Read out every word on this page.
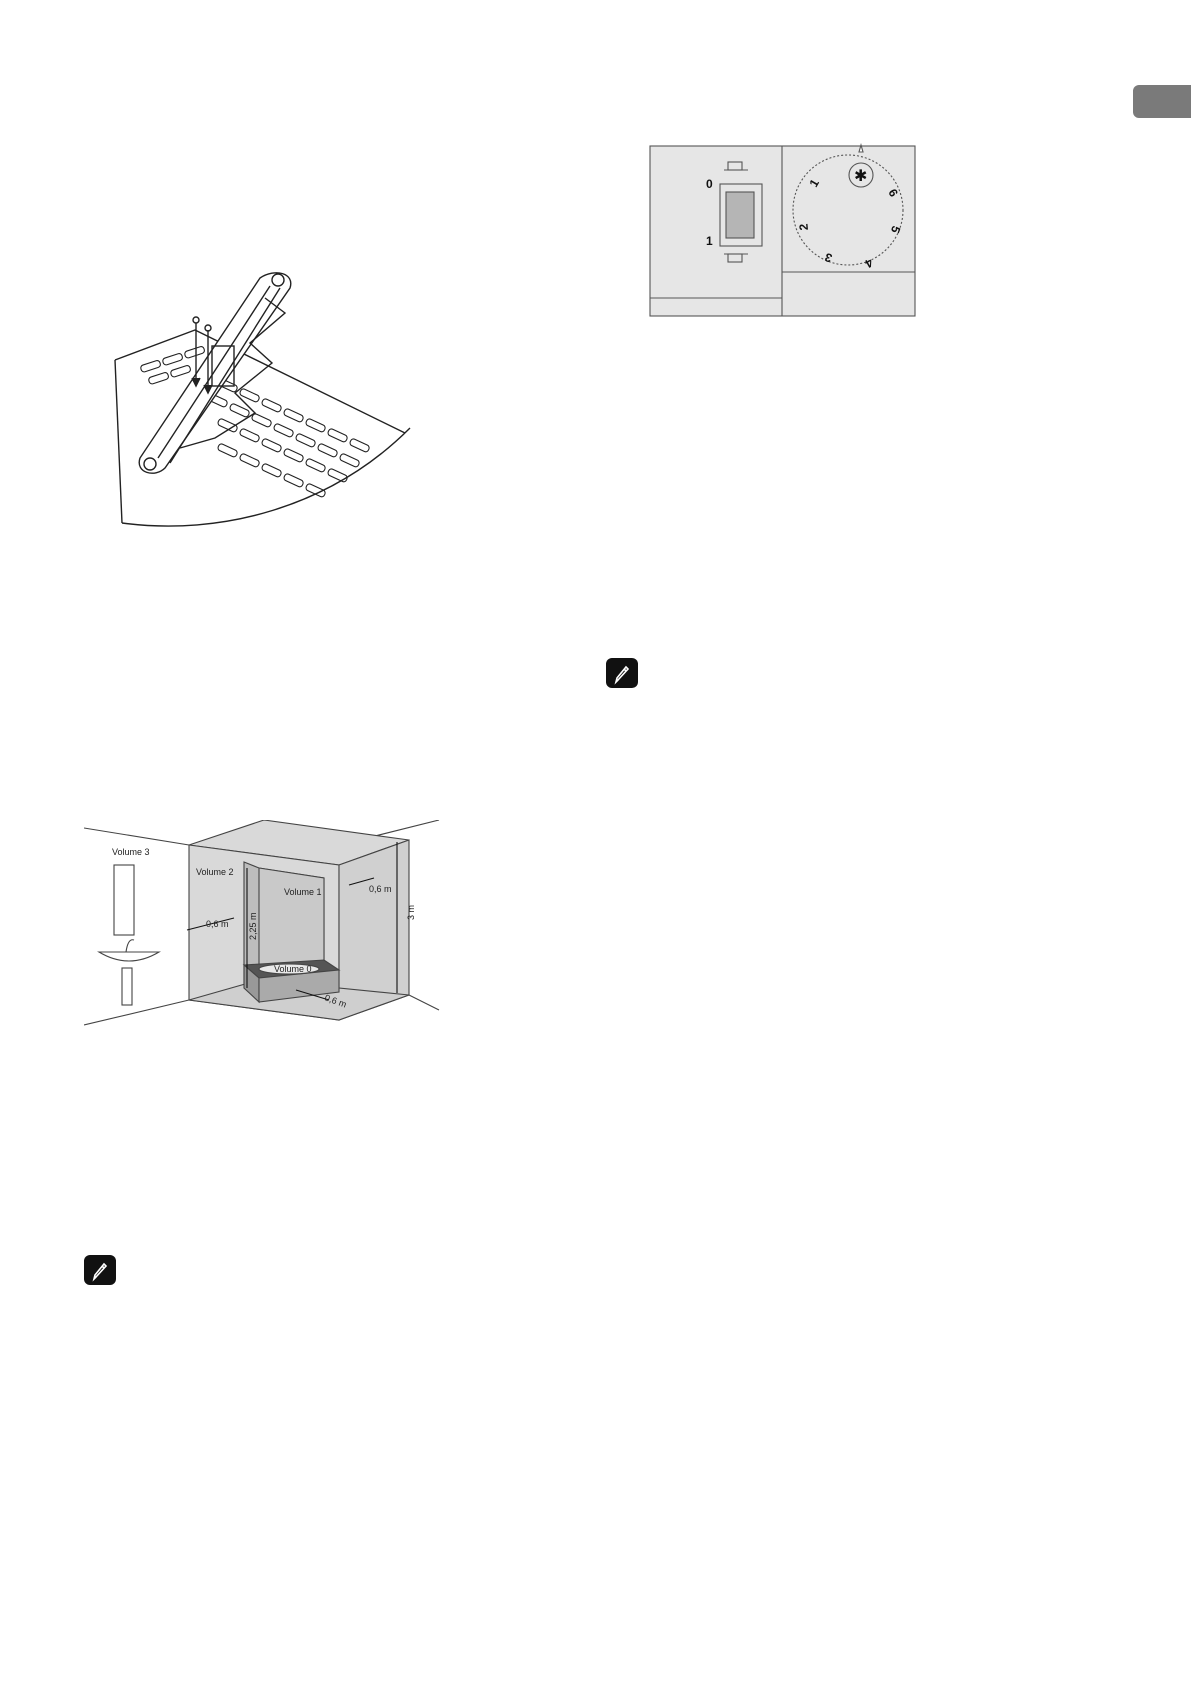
Volume 3
Volume 2
Volume 1
Volume 0
0,6 m
0,6 m
0,6 m
2,25 m	3 m
0
1
1
2
3 4
5
6
✱
